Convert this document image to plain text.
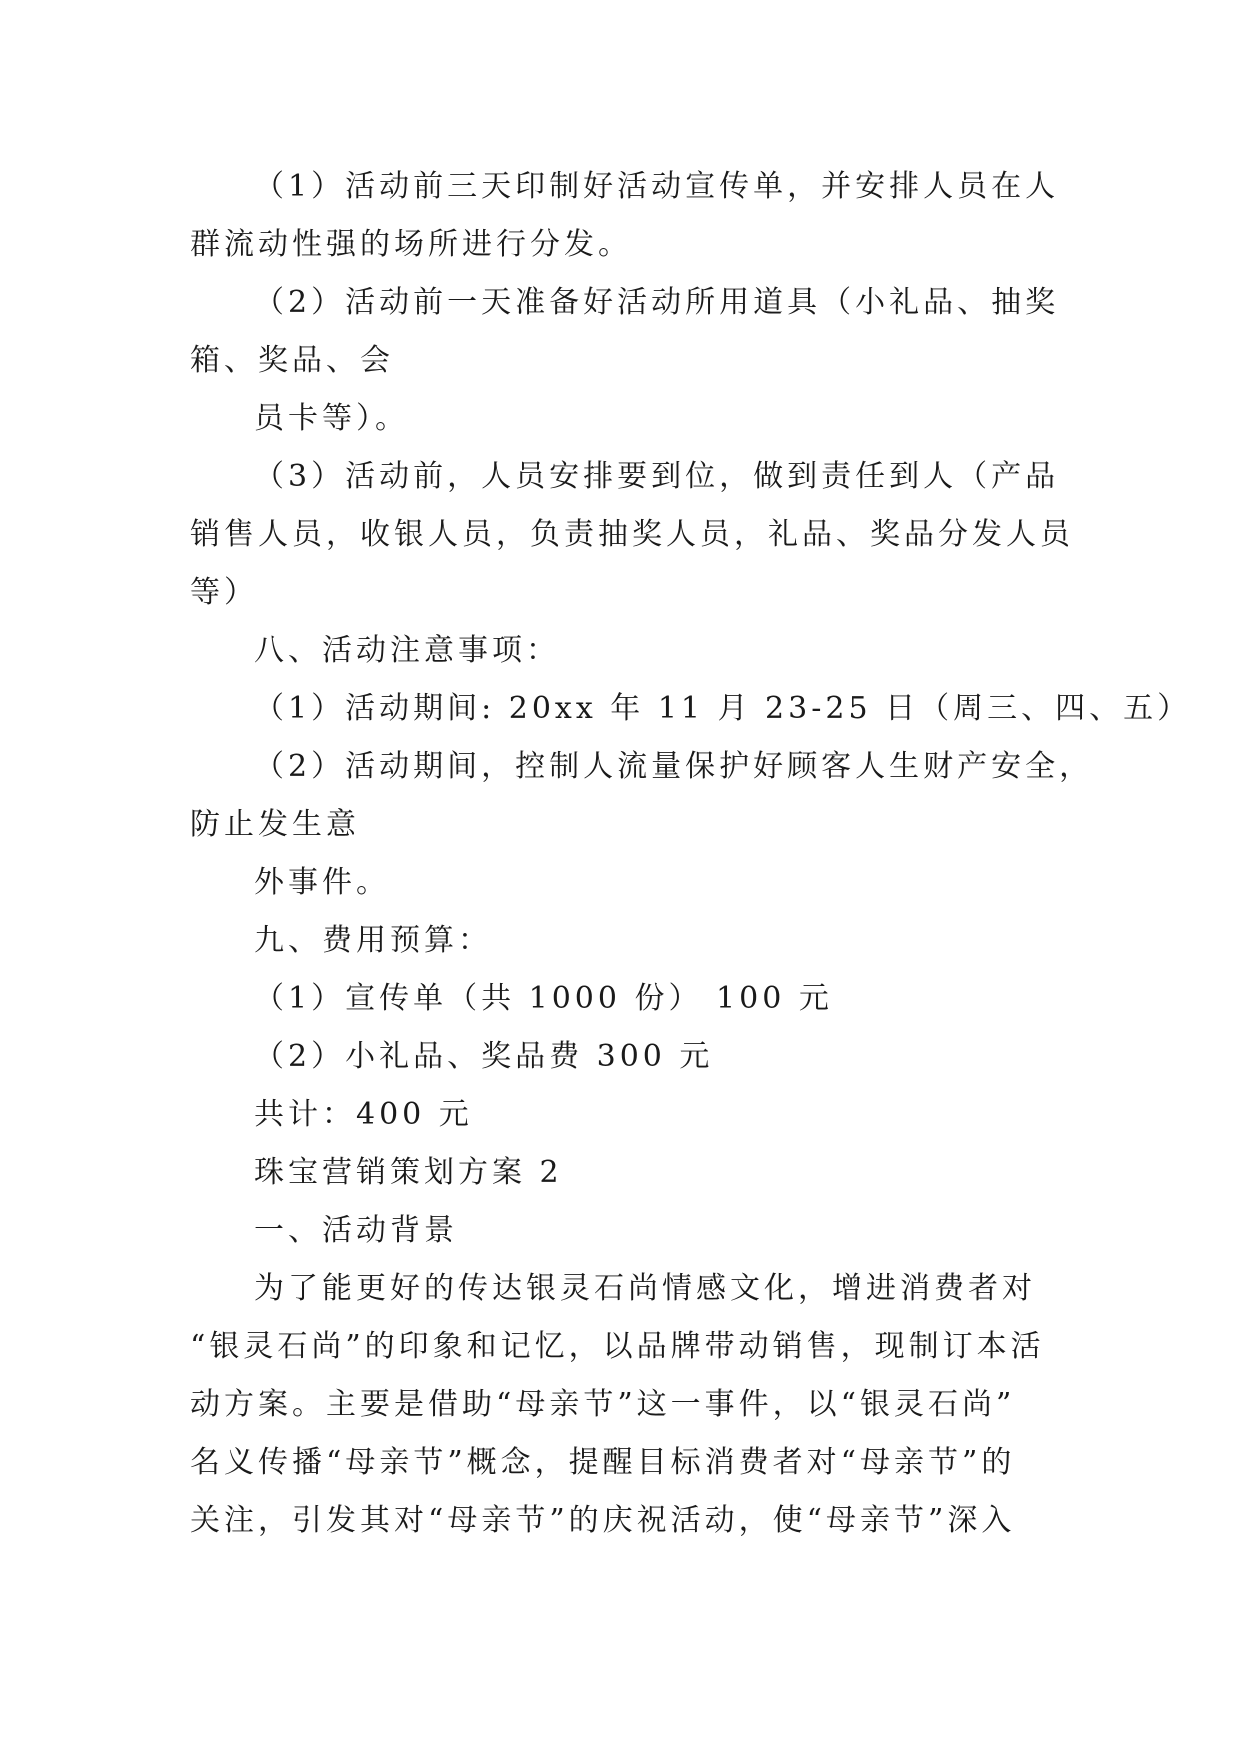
（1）活动前三天印制好活动宣传单，并安排人员在人
群流动性强的场所进行分发。
（2）活动前一天准备好活动所用道具（小礼品、抽奖
箱、奖品、会
员卡等）。
（3）活动前，人员安排要到位，做到责任到人（产品
销售人员，收银人员，负责抽奖人员，礼品、奖品分发人员
等）
八、活动注意事项：
（1）活动期间: 20xx 年 11 月 23-25 日（周三、四、五）
（2）活动期间，控制人流量保护好顾客人生财产安全，
防止发生意
外事件。
九、费用预算：
（1）宣传单（共 1000 份） 100 元
（2）小礼品、奖品费 300 元
共计：400 元
珠宝营销策划方案 2
一、活动背景
为了能更好的传达银灵石尚情感文化，增进消费者对
“银灵石尚”的印象和记忆，以品牌带动销售，现制订本活
动方案。主要是借助“母亲节”这一事件，以“银灵石尚”
名义传播“母亲节”概念，提醒目标消费者对“母亲节”的
关注，引发其对“母亲节”的庆祝活动，使“母亲节”深入
